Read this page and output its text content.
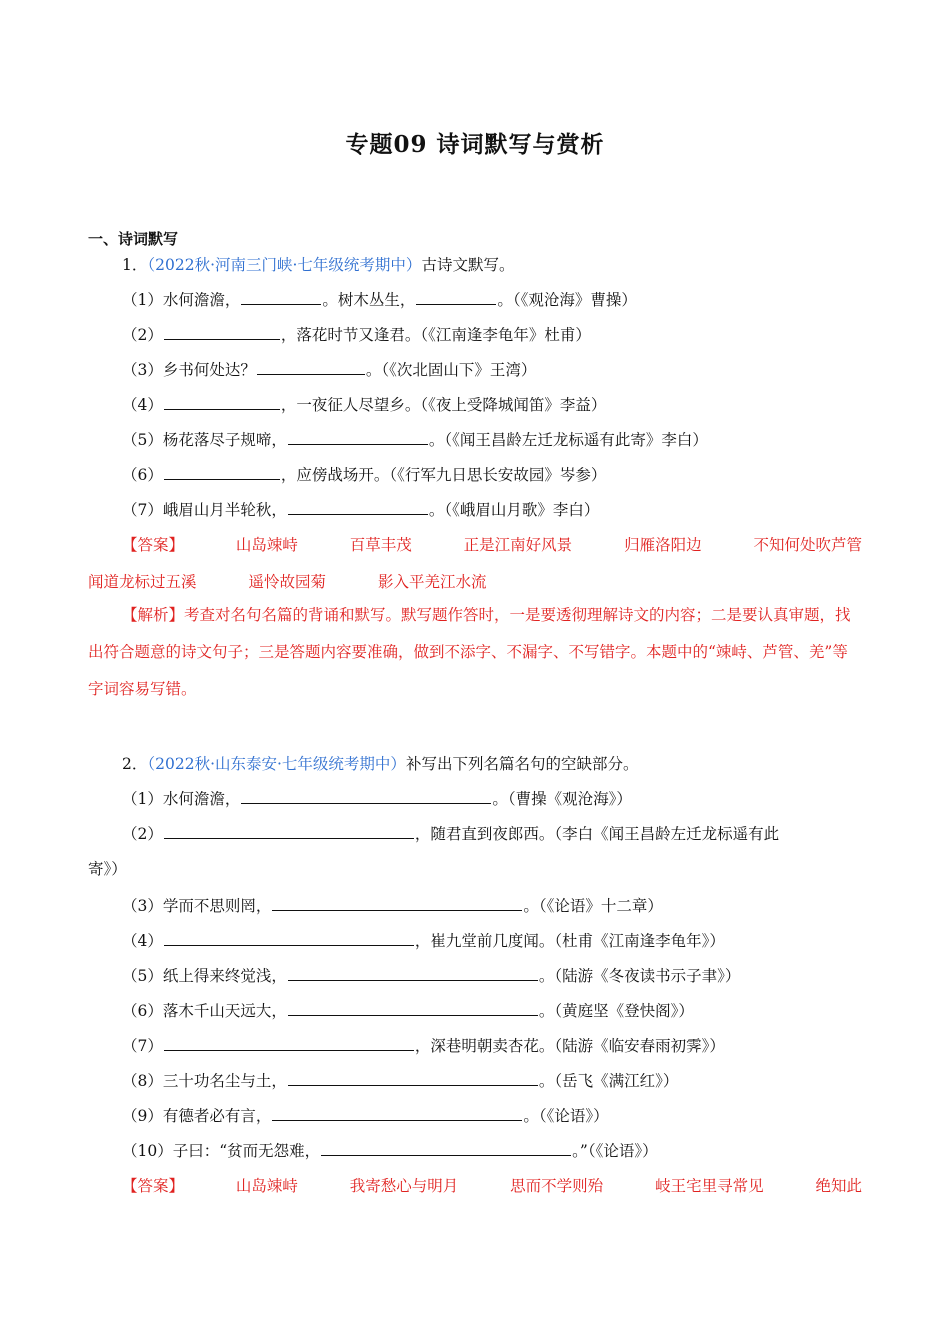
专题09 诗词默写与赏析
一、诗词默写
1．（2022秋·河南三门峡·七年级统考期中）古诗文默写。
（1）水何澹澹，	。树木丛生，	。（《观沧海》曹操）
（2）	，落花时节又逢君。（《江南逢李龟年》杜甫）
（3）乡书何处达？	。（《次北固山下》王湾）
（4）	，一夜征人尽望乡。（《夜上受降城闻笛》李益）
（5）杨花落尽子规啼，	。（《闻王昌龄左迁龙标遥有此寄》李白）
（6）	，应傍战场开。（《行军九日思长安故园》岑参）
（7）峨眉山月半轮秋，	。（《峨眉山月歌》李白）
【答案】	山岛竦峙	百草丰茂	正是江南好风景	归雁洛阳边	不知何处吹芦管
闻道龙标过五溪	遥怜故园菊	影入平羌江水流
【解析】考查对名句名篇的背诵和默写。默写题作答时，一是要透彻理解诗文的内容；二是要认真审题，找出符合题意的诗文句子；三是答题内容要准确，做到不添字、不漏字、不写错字。本题中的“竦峙、芦管、羌”等字词容易写错。
2．（2022秋·山东泰安·七年级统考期中）补写出下列名篇名句的空缺部分。
（1）水何澹澹，	。（曹操《观沧海》）
（2）	，随君直到夜郎西。（李白《闻王昌龄左迁龙标遥有此
寄》）
（3）学而不思则罔，	。（《论语》十二章）
（4）	，崔九堂前几度闻。（杜甫《江南逢李龟年》）
（5）纸上得来终觉浅，	。（陆游《冬夜读书示子聿》）
（6）落木千山天远大，	。（黄庭坚《登快阁》）
（7）	，深巷明朝卖杏花。（陆游《临安春雨初霁》）
（8）三十功名尘与土，	。（岳飞《满江红》）
（9）有德者必有言，	。（《论语》）
（10）子曰：“贫而无怨难，	。”（《论语》）
【答案】	山岛竦峙	我寄愁心与明月	思而不学则殆	岐王宅里寻常见	绝知此
